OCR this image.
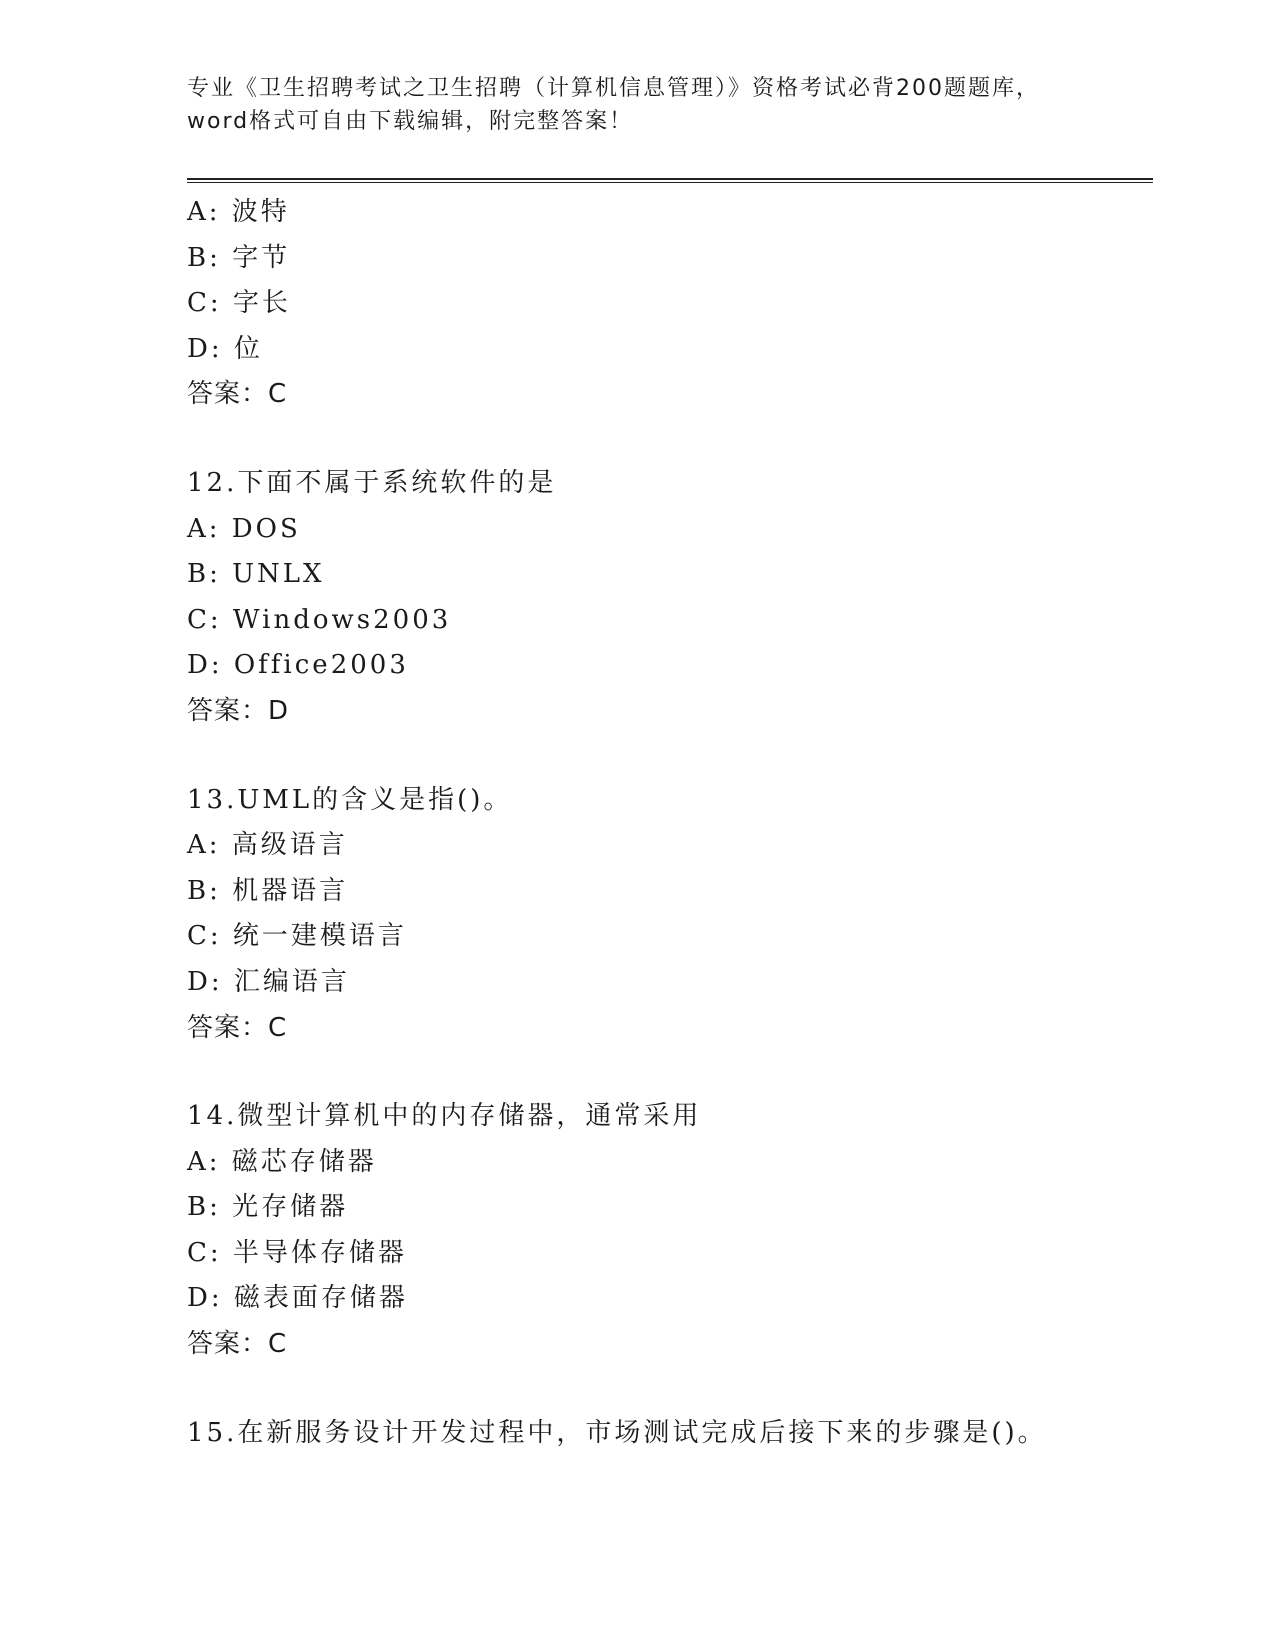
专业《卫生招聘考试之卫生招聘（计算机信息管理）》资格考试必背200题题库，
word格式可自由下载编辑，附完整答案！
A: 波特
B: 字节
C: 字长
D: 位
答案：C
12.下面不属于系统软件的是
A: DOS
B: UNLX
C: Windows2003
D: Office2003
答案：D
13.UML的含义是指()。
A: 高级语言
B: 机器语言
C: 统一建模语言
D: 汇编语言
答案：C
14.微型计算机中的内存储器，通常采用
A: 磁芯存储器
B: 光存储器
C: 半导体存储器
D: 磁表面存储器
答案：C
15.在新服务设计开发过程中，市场测试完成后接下来的步骤是()。
